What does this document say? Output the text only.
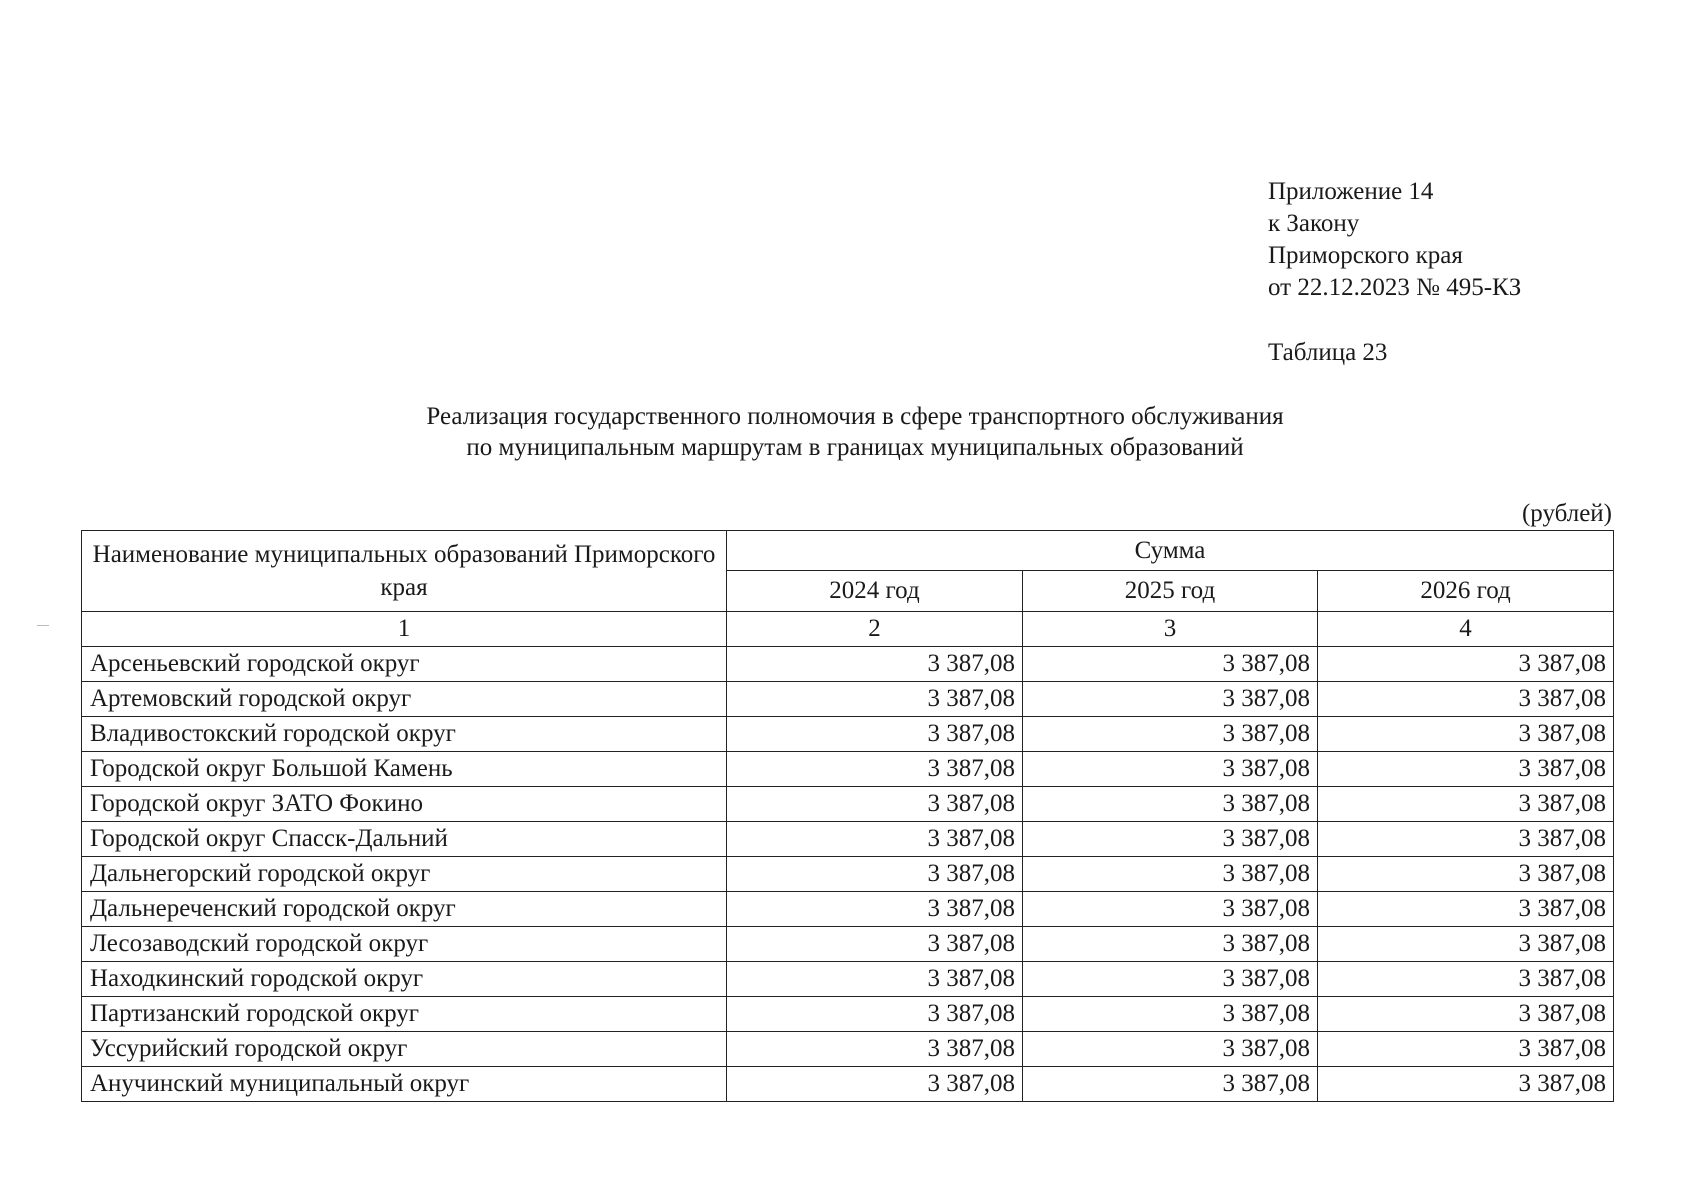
Приложение 14
к Закону
Приморского края
от 22.12.2023 № 495-КЗ
Таблица 23
Реализация государственного полномочия в сфере транспортного обслуживания
по муниципальным маршрутам в границах муниципальных образований
(рублей)
Наименование муниципальных образований Приморского края	Сумма		
	2024 год	2025 год	2026 год
1	2	3	4
Арсеньевский городской округ	3 387,08	3 387,08	3 387,08
Артемовский городской округ	3 387,08	3 387,08	3 387,08
Владивостокский городской округ	3 387,08	3 387,08	3 387,08
Городской округ Большой Камень	3 387,08	3 387,08	3 387,08
Городской округ ЗАТО Фокино	3 387,08	3 387,08	3 387,08
Городской округ Спасск-Дальний	3 387,08	3 387,08	3 387,08
Дальнегорский городской округ	3 387,08	3 387,08	3 387,08
Дальнереченский городской округ	3 387,08	3 387,08	3 387,08
Лесозаводский городской округ	3 387,08	3 387,08	3 387,08
Находкинский городской округ	3 387,08	3 387,08	3 387,08
Партизанский городской округ	3 387,08	3 387,08	3 387,08
Уссурийский городской округ	3 387,08	3 387,08	3 387,08
Анучинский муниципальный округ	3 387,08	3 387,08	3 387,08
